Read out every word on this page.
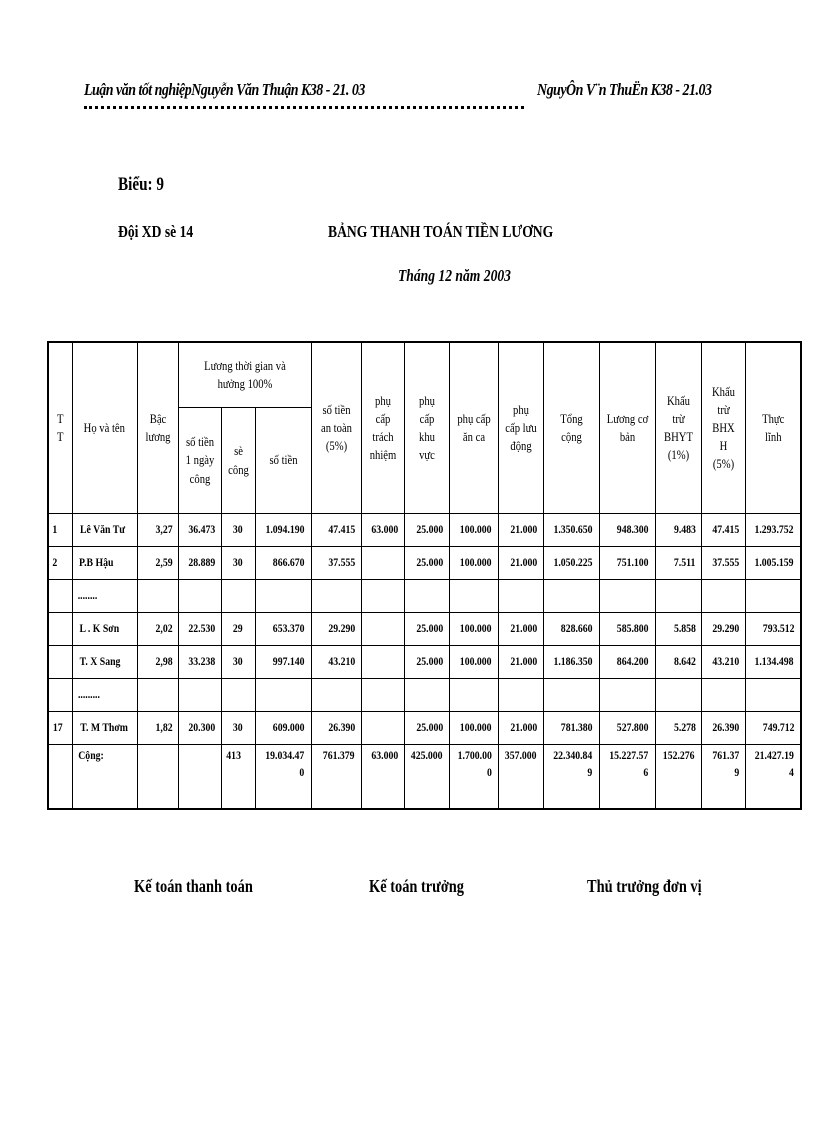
Luận văn tốt nghiệpNguyễn Văn Thuận K38 - 21. 03	NguyÔn V¨n ThuËn K38 - 21.03
Biểu: 9
Đội XD sè 14	BẢNG THANH TOÁN TIỀN LƯƠNG
Tháng 12 năm 2003
T T	Họ và tên	Bậc lương	Lương thời gian và hưởng 100%			số tiền an toàn (5%)	phụ cấp trách nhiệm	phụ cấp khu vực	phụ cấp ăn ca	phụ cấp lưu động	Tổng cộng	Lương cơ bản	Khấu trừ BHYT (1%)	Khấu trừ BHX H (5%)	Thực lĩnh
			số tiền 1 ngày công	sè công	số tiền										
1	Lê Văn Tư	3,27	36.473	30	1.094.190	47.415	63.000	25.000	100.000	21.000	1.350.650	948.300	9.483	47.415	1.293.752
2	P.B Hậu	2,59	28.889	30	866.670	37.555		25.000	100.000	21.000	1.050.225	751.100	7.511	37.555	1.005.159
	........														
	L . K Sơn	2,02	22.530	29	653.370	29.290		25.000	100.000	21.000	828.660	585.800	5.858	29.290	793.512
	T. X Sang	2,98	33.238	30	997.140	43.210		25.000	100.000	21.000	1.186.350	864.200	8.642	43.210	1.134.498
	.........														
17	T. M Thơm	1,82	20.300	30	609.000	26.390		25.000	100.000	21.000	781.380	527.800	5.278	26.390	749.712
	Cộng:			413	19.034.470	761.379	63.000	425.000	1.700.000	357.000	22.340.849	15.227.576	152.276	761.379	21.427.194
Kế toán thanh toán	Kế toán trưởng	Thủ trưởng đơn vị
